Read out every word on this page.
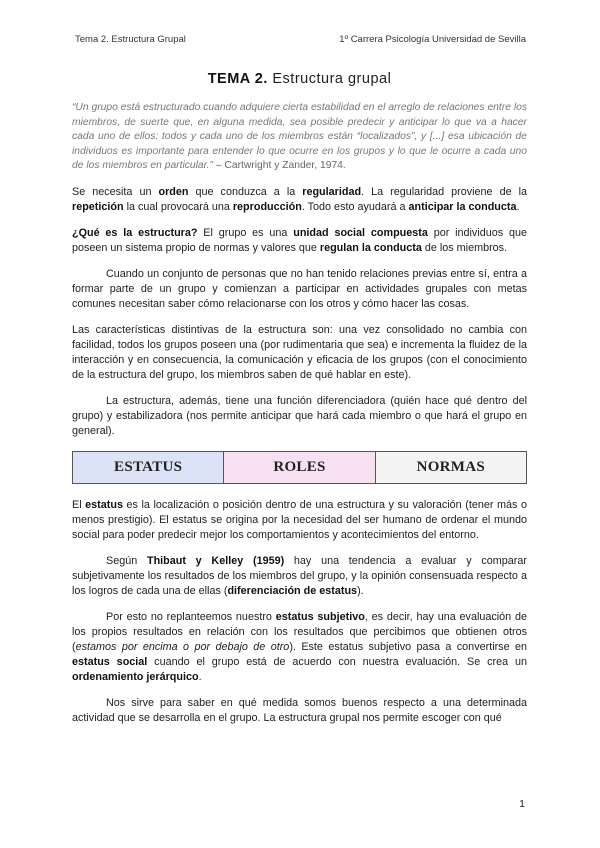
Tema 2. Estructura Grupal	1º Carrera Psicología Universidad de Sevilla
TEMA 2. Estructura grupal

“Un grupo está estructurado cuando adquiere cierta estabilidad en el arreglo de relaciones entre los miembros, de suerte que, en alguna medida, sea posible predecir y anticipar lo que va a hacer cada uno de ellos: todos y cada uno de los miembros están “localizados”, y [...] esa ubicación de individuos es importante para entender lo que ocurre en los grupos y lo que le ocurre a cada uno de los miembros en particular.” – Cartwright y Zander, 1974.

Se necesita un orden que conduzca a la regularidad. La regularidad proviene de la repetición la cual provocará una reproducción. Todo esto ayudará a anticipar la conducta.

¿Qué es la estructura? El grupo es una unidad social compuesta por individuos que poseen un sistema propio de normas y valores que regulan la conducta de los miembros.

Cuando un conjunto de personas que no han tenido relaciones previas entre sí, entra a formar parte de un grupo y comienzan a participar en actividades grupales con metas comunes necesitan saber cómo relacionarse con los otros y cómo hacer las cosas.

Las características distintivas de la estructura son: una vez consolidado no cambia con facilidad, todos los grupos poseen una (por rudimentaria que sea) e incrementa la fluidez de la interacción y en consecuencia, la comunicación y eficacia de los grupos (con el conocimiento de la estructura del grupo, los miembros saben de qué hablar en este).

La estructura, además, tiene una función diferenciadora (quién hace qué dentro del grupo) y estabilizadora (nos permite anticipar que hará cada miembro o que hará el grupo en general).

ESTATUS	ROLES	NORMAS

El estatus es la localización o posición dentro de una estructura y su valoración (tener más o menos prestigio). El estatus se origina por la necesidad del ser humano de ordenar el mundo social para poder predecir mejor los comportamientos y acontecimientos del entorno.

Según Thibaut y Kelley (1959) hay una tendencia a evaluar y comparar subjetivamente los resultados de los miembros del grupo, y la opinión consensuada respecto a los logros de cada una de ellas (diferenciación de estatus).

Por esto no replanteemos nuestro estatus subjetivo, es decir, hay una evaluación de los propios resultados en relación con los resultados que percibimos que obtienen otros (estamos por encima o por debajo de otro). Este estatus subjetivo pasa a convertirse en estatus social cuando el grupo está de acuerdo con nuestra evaluación. Se crea un ordenamiento jerárquico.

Nos sirve para saber en qué medida somos buenos respecto a una determinada actividad que se desarrolla en el grupo. La estructura grupal nos permite escoger con qué

1
